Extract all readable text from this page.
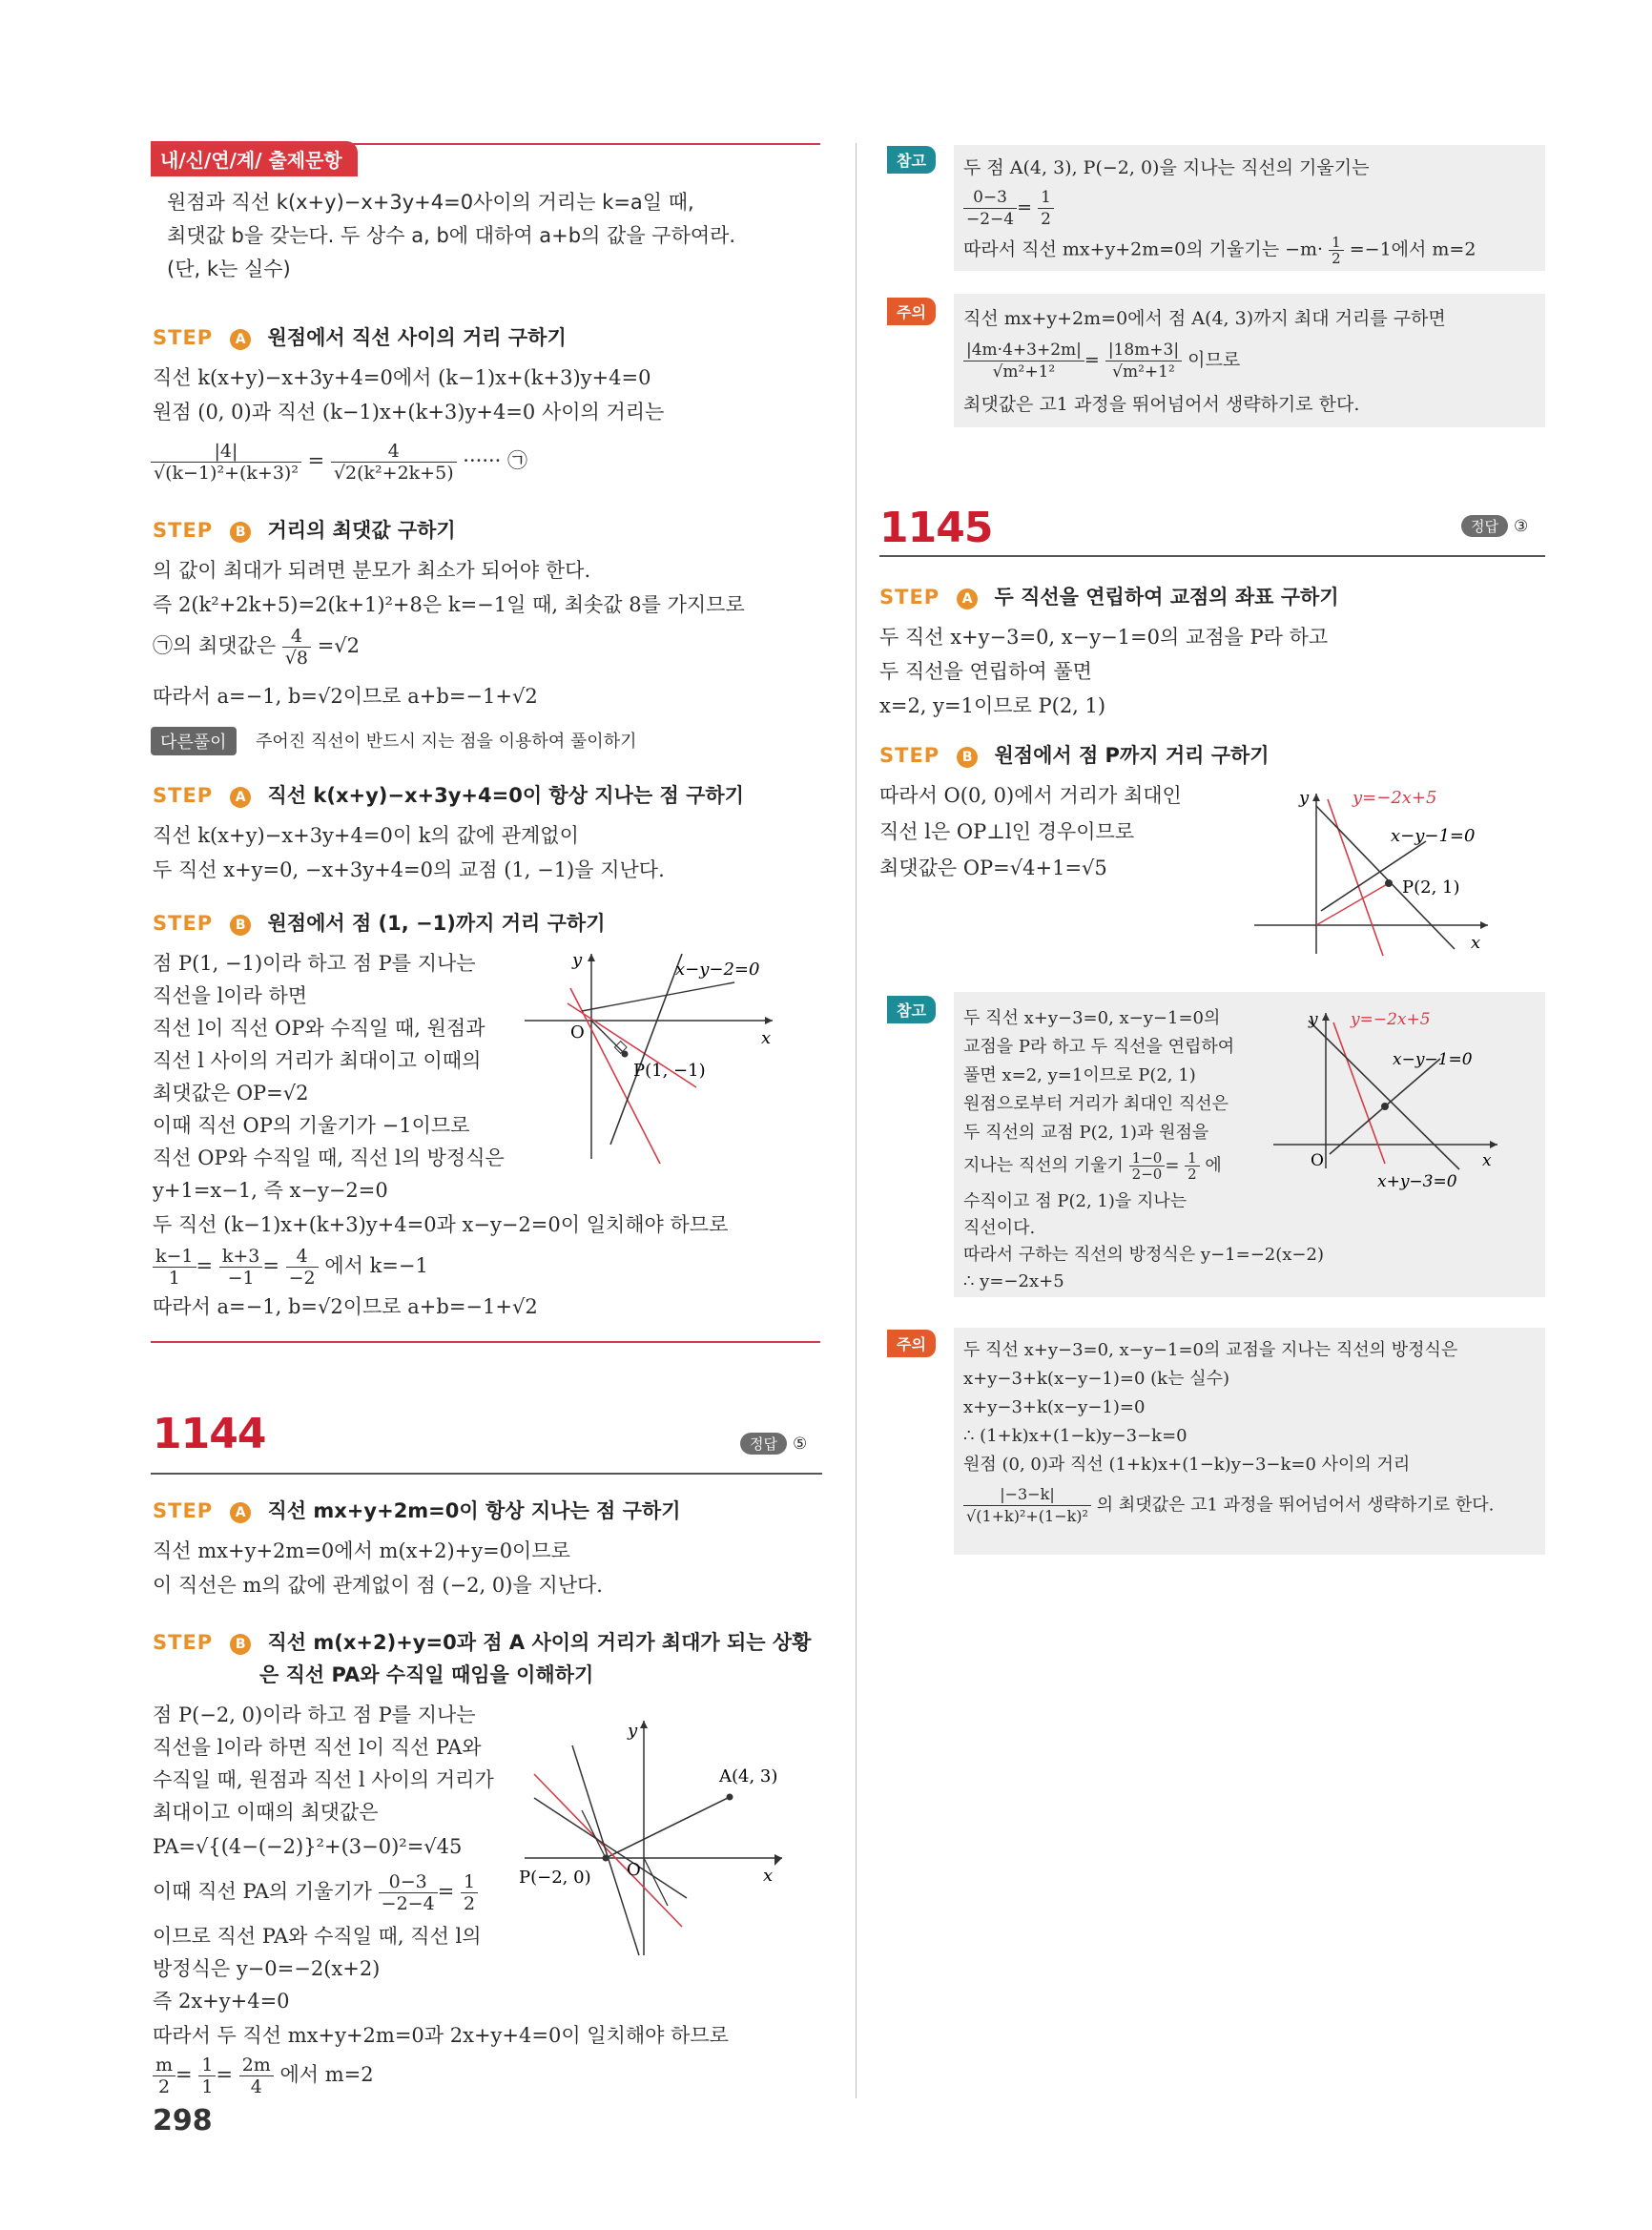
내/신/연/계/ 출제문항
원점과 직선 k(x+y)−x+3y+4=0사이의 거리는 k=a일 때,
최댓값 b을 갖는다. 두 상수 a, b에 대하여 a+b의 값을 구하여라.
(단, k는 실수)
STEP A 원점에서 직선 사이의 거리 구하기
직선 k(x+y)−x+3y+4=0에서 (k−1)x+(k+3)y+4=0
원점 (0, 0)과 직선 (k−1)x+(k+3)y+4=0 사이의 거리는
$\frac{|4|}{\text{√(k−1)²+(k+3)²}} = \frac{4}{\text{√2(k²+2k+5)}}$ ······ ㉠
STEP B 거리의 최댓값 구하기
의 값이 최대가 되려면 분모가 최소가 되어야 한다.
즉 2(k²+2k+5)=2(k+1)²+8은 k=−1일 때, 최솟값 8를 가지므로
㉠의 최댓값은 $\frac{4}{√8} =√2$
따라서 a=−1, b=√2이므로 a+b=−1+√2
다른풀이	주어진 직선이 반드시 지는 점을 이용하여 풀이하기
STEP A 직선 k(x+y)−x+3y+4=0이 항상 지나는 점 구하기
직선 k(x+y)−x+3y+4=0이 k의 값에 관계없이
두 직선 x+y=0, −x+3y+4=0의 교점 (1, −1)을 지난다.
STEP B 원점에서 점 (1, −1)까지 거리 구하기
점 P(1, −1)이라 하고 점 P를 지나는
직선을 l이라 하면
직선 l이 직선 OP와 수직일 때, 원점과
직선 l 사이의 거리가 최대이고 이때의
최댓값은 OP=√2
이때 직선 OP의 기울기가 −1이므로
직선 OP와 수직일 때, 직선 l의 방정식은
y+1=x−1, 즉 x−y−2=0
두 직선 (k−1)x+(k+3)y+4=0과 x−y−2=0이 일치해야 하므로
$\frac{k-1}{1} = \frac{k+3}{-1} = \frac{4}{-2}$ 에서 k=−1
따라서 a=−1, b=√2이므로 a+b=−1+√2
y
x
O
x−y−2=0
P(1, −1)
1144	정답 ⑤
STEP A 직선 mx+y+2m=0이 항상 지나는 점 구하기
직선 mx+y+2m=0에서 m(x+2)+y=0이므로
이 직선은 m의 값에 관계없이 점 (−2, 0)을 지난다.
STEP B 직선 m(x+2)+y=0과 점 A 사이의 거리가 최대가 되는 상황
은 직선 PA와 수직일 때임을 이해하기
점 P(−2, 0)이라 하고 점 P를 지나는
직선을 l이라 하면 직선 l이 직선 PA와
수직일 때, 원점과 직선 l 사이의 거리가
최대이고 이때의 최댓값은
PA=√{(4−(−2)}²+(3−0)²=√45
이때 직선 PA의 기울기가 $\frac{0-3}{-2-4} = \frac{1}{2}$
이므로 직선 PA와 수직일 때, 직선 l의
방정식은 y−0=−2(x+2)
즉 2x+y+4=0
따라서 두 직선 mx+y+2m=0과 2x+y+4=0이 일치해야 하므로
$\frac{m}{2} = \frac{1}{1} = \frac{2m}{4}$ 에서 m=2
y
x
O
A(4, 3)
P(−2, 0)
298
참고	두 점 A(4, 3), P(−2, 0)을 지나는 직선의 기울기는
$\frac{0-3}{-2-4} = \frac{1}{2}$
따라서 직선 mx+y+2m=0의 기울기는 $-m\cdot \frac{1}{2} =-1$에서 m=2
주의	직선 mx+y+2m=0에서 점 A(4, 3)까지 최대 거리를 구하면
$\frac{|4m\cdot 4+3+2m|}{\text{√m²+1²}} = \frac{|18m+3|}{\text{√m²+1²}}$ 이므로
최댓값은 고1 과정을 뛰어넘어서 생략하기로 한다.
1145	정답 ③
STEP A 두 직선을 연립하여 교점의 좌표 구하기
두 직선 x+y−3=0, x−y−1=0의 교점을 P라 하고
두 직선을 연립하여 풀면
x=2, y=1이므로 P(2, 1)
STEP B 원점에서 점 P까지 거리 구하기
따라서 O(0, 0)에서 거리가 최대인
직선 l은 OP⊥l인 경우이므로
최댓값은 OP=√4+1=√5
y
x
y=−2x+5
x−y−1=0
P(2, 1)
참고	두 직선 x+y−3=0, x−y−1=0의
교점을 P라 하고 두 직선을 연립하여
풀면 x=2, y=1이므로 P(2, 1)
원점으로부터 거리가 최대인 직선은
두 직선의 교점 P(2, 1)과 원점을
지나는 직선의 기울기 $\frac{1-0}{2-0} = \frac{1}{2}$ 에
수직이고 점 P(2, 1)을 지나는
직선이다.
따라서 구하는 직선의 방정식은 y−1=−2(x−2)
∴ y=−2x+5
y
x
O
y=−2x+5
x−y−1=0
x+y−3=0
주의	두 직선 x+y−3=0, x−y−1=0의 교점을 지나는 직선의 방정식은
x+y−3+k(x−y−1)=0 (k는 실수)
x+y−3+k(x−y−1)=0
∴ (1+k)x+(1−k)y−3−k=0
원점 (0, 0)과 직선 (1+k)x+(1−k)y−3−k=0 사이의 거리
$\frac{|-3-k|}{\text{√(1+k)²+(1−k)²}}$ 의 최댓값은 고1 과정을 뛰어넘어서 생략하기로 한다.
